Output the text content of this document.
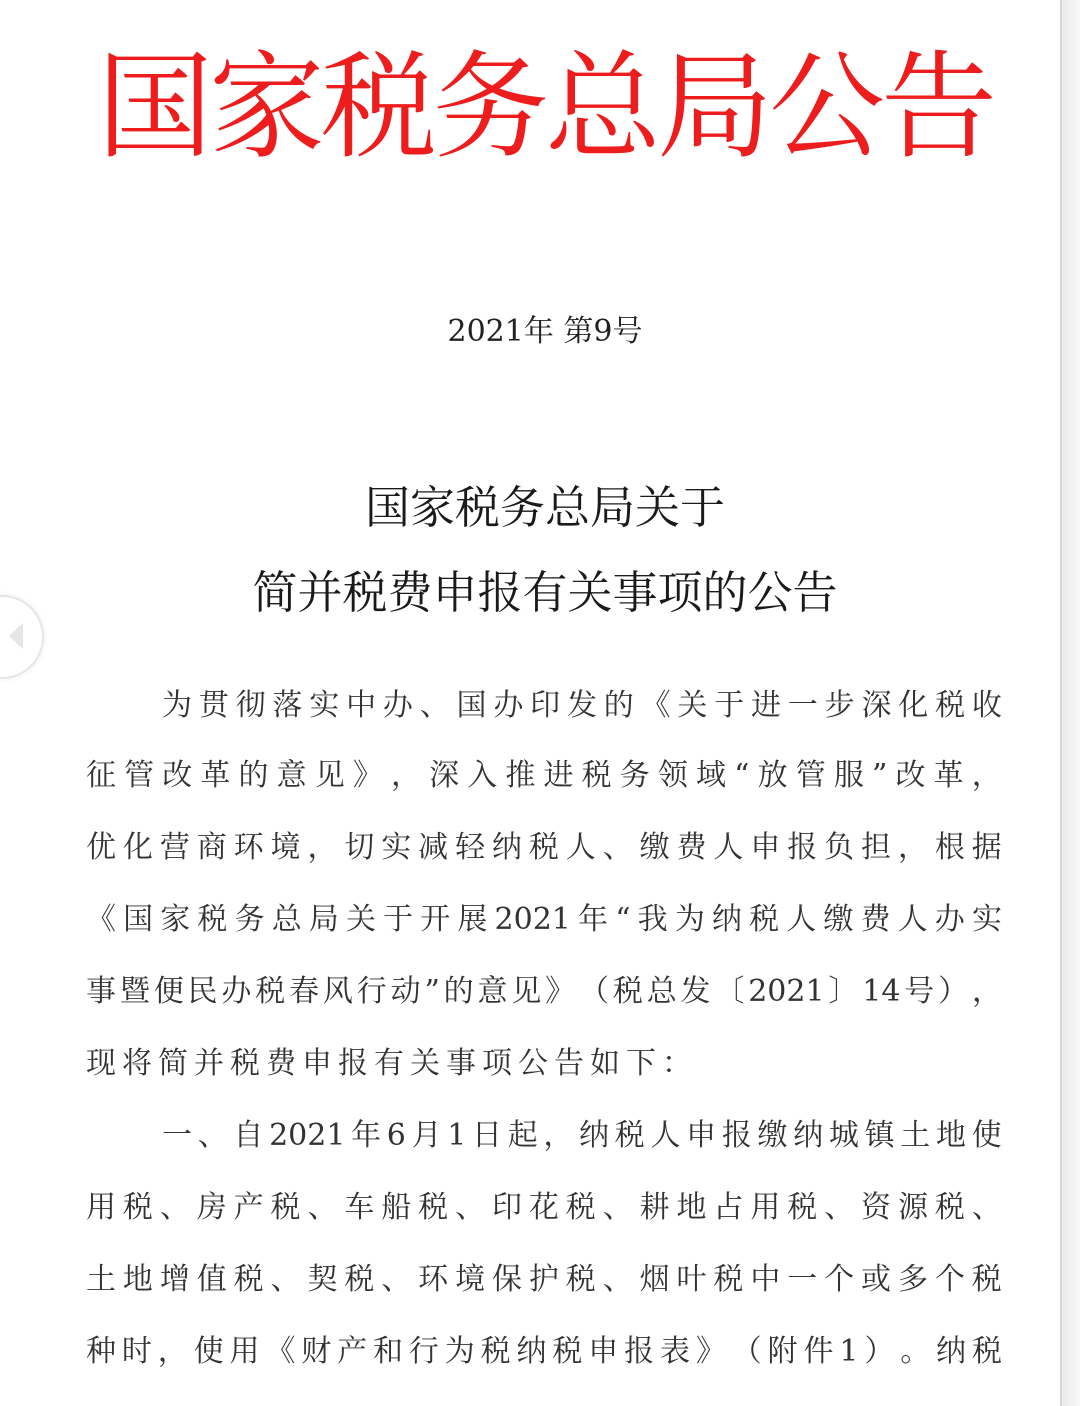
国家税务总局公告
2021年 第9号
国家税务总局关于
简并税费申报有关事项的公告
为 贯 彻 落 实 中 办 、 国 办 印 发 的 《 关 于 进 一 步 深 化 税 收
征 管 改 革 的 意 见 》 ， 深 入 推 进 税 务 领 域 “ 放 管 服 ” 改 革 ，
优 化 营 商 环 境 ， 切 实 减 轻 纳 税 人 、 缴 费 人 申 报 负 担 ， 根 据
《 国 家 税 务 总 局 关 于 开 展 2021 年 “ 我 为 纳 税 人 缴 费 人 办 实
事 暨 便 民 办 税 春 风 行 动 ” 的 意 见 》 （ 税 总 发 〔 2021 〕 14 号 ） ，
现将简并税费申报有关事项公告如下：
一 、 自 2021 年 6 月 1 日 起 ， 纳 税 人 申 报 缴 纳 城 镇 土 地 使
用 税 、 房 产 税 、 车 船 税 、 印 花 税 、 耕 地 占 用 税 、 资 源 税 、
土 地 增 值 税 、 契 税 、 环 境 保 护 税 、 烟 叶 税 中 一 个 或 多 个 税
种 时 ， 使 用 《 财 产 和 行 为 税 纳 税 申 报 表 》 （ 附 件 1 ） 。 纳 税
